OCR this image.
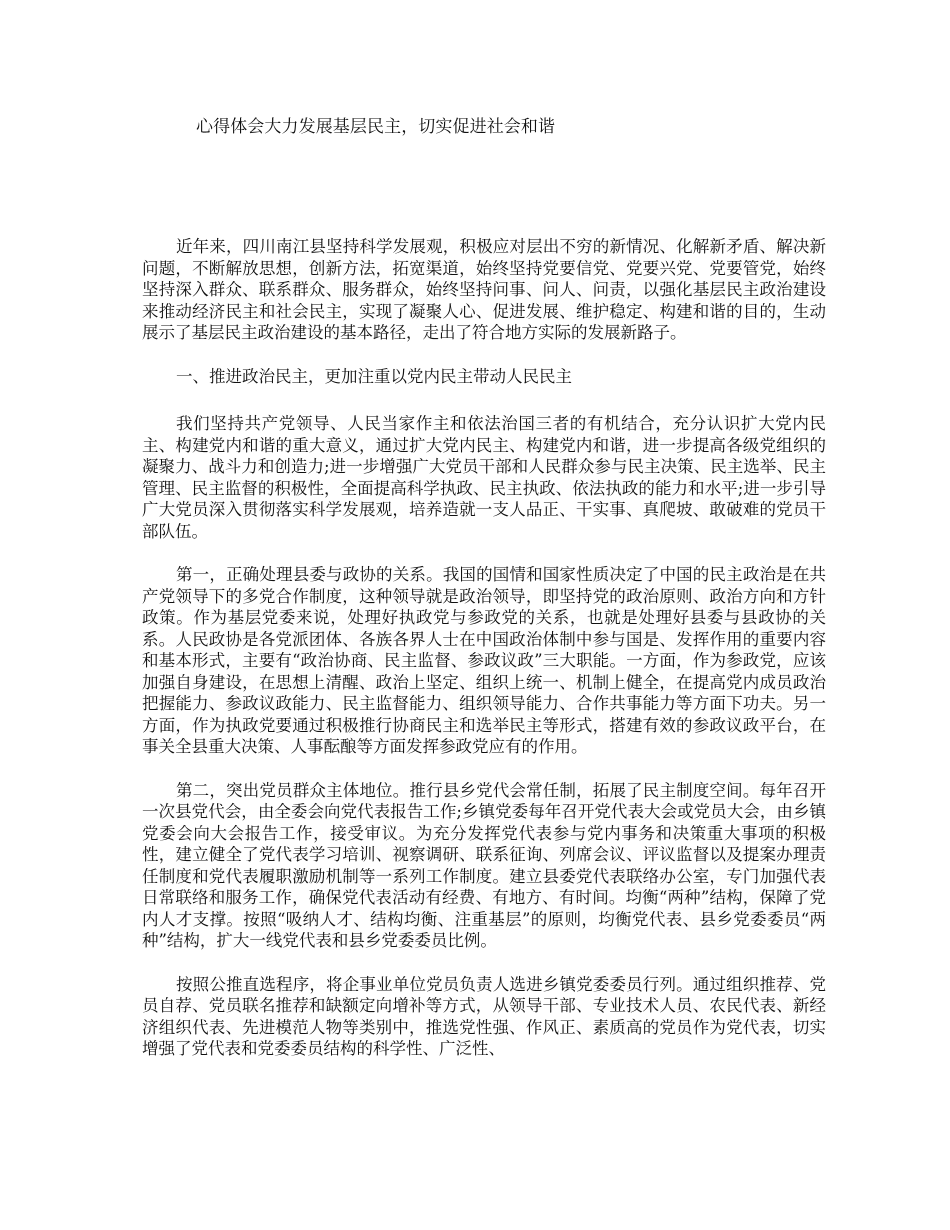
心得体会大力发展基层民主，切实促进社会和谐

近年来，四川南江县坚持科学发展观，积极应对层出不穷的新情况、化解新矛盾、解决新问题，不断解放思想，创新方法，拓宽渠道，始终坚持党要信党、党要兴党、党要管党，始终坚持深入群众、联系群众、服务群众，始终坚持问事、问人、问责，以强化基层民主政治建设来推动经济民主和社会民主，实现了凝聚人心、促进发展、维护稳定、构建和谐的目的，生动展示了基层民主政治建设的基本路径，走出了符合地方实际的发展新路子。

一、推进政治民主，更加注重以党内民主带动人民民主

我们坚持共产党领导、人民当家作主和依法治国三者的有机结合，充分认识扩大党内民主、构建党内和谐的重大意义，通过扩大党内民主、构建党内和谐，进一步提高各级党组织的凝聚力、战斗力和创造力;进一步增强广大党员干部和人民群众参与民主决策、民主选举、民主管理、民主监督的积极性，全面提高科学执政、民主执政、依法执政的能力和水平;进一步引导广大党员深入贯彻落实科学发展观，培养造就一支人品正、干实事、真爬坡、敢破难的党员干部队伍。

第一，正确处理县委与政协的关系。我国的国情和国家性质决定了中国的民主政治是在共产党领导下的多党合作制度，这种领导就是政治领导，即坚持党的政治原则、政治方向和方针政策。作为基层党委来说，处理好执政党与参政党的关系，也就是处理好县委与县政协的关系。人民政协是各党派团体、各族各界人士在中国政治体制中参与国是、发挥作用的重要内容和基本形式，主要有“政治协商、民主监督、参政议政”三大职能。一方面，作为参政党，应该加强自身建设，在思想上清醒、政治上坚定、组织上统一、机制上健全，在提高党内成员政治把握能力、参政议政能力、民主监督能力、组织领导能力、合作共事能力等方面下功夫。另一方面，作为执政党要通过积极推行协商民主和选举民主等形式，搭建有效的参政议政平台，在事关全县重大决策、人事酝酿等方面发挥参政党应有的作用。

第二，突出党员群众主体地位。推行县乡党代会常任制，拓展了民主制度空间。每年召开一次县党代会，由全委会向党代表报告工作;乡镇党委每年召开党代表大会或党员大会，由乡镇党委会向大会报告工作，接受审议。为充分发挥党代表参与党内事务和决策重大事项的积极性，建立健全了党代表学习培训、视察调研、联系征询、列席会议、评议监督以及提案办理责任制度和党代表履职激励机制等一系列工作制度。建立县委党代表联络办公室，专门加强代表日常联络和服务工作，确保党代表活动有经费、有地方、有时间。均衡“两种”结构，保障了党内人才支撑。按照“吸纳人才、结构均衡、注重基层”的原则，均衡党代表、县乡党委委员“两种”结构，扩大一线党代表和县乡党委委员比例。

按照公推直选程序，将企事业单位党员负责人选进乡镇党委委员行列。通过组织推荐、党员自荐、党员联名推荐和缺额定向增补等方式，从领导干部、专业技术人员、农民代表、新经济组织代表、先进模范人物等类别中，推选党性强、作风正、素质高的党员作为党代表，切实增强了党代表和党委委员结构的科学性、广泛性、
